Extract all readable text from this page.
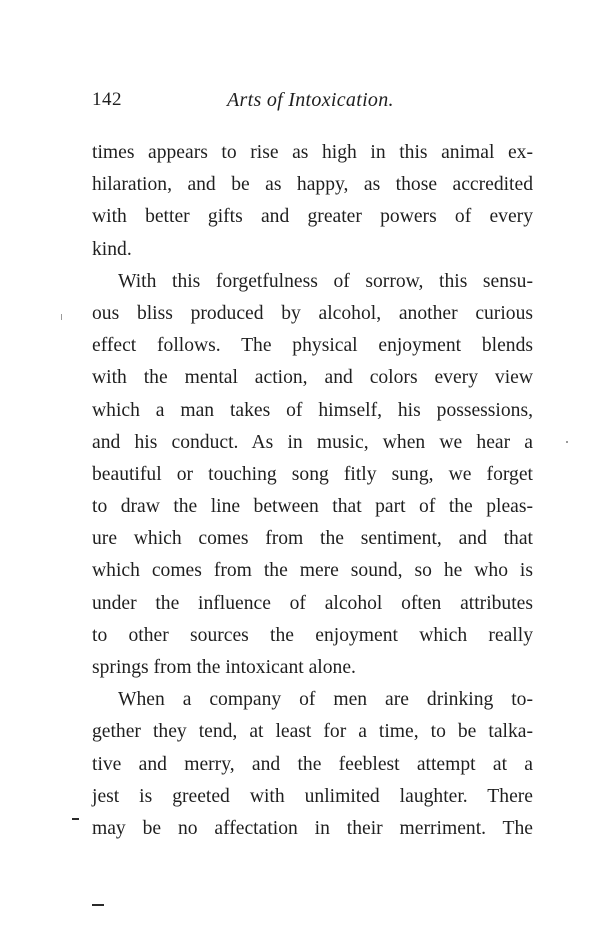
142	Arts of Intoxication.
times appears to rise as high in this animal ex-
hilaration, and be as happy, as those accredited
with better gifts and greater powers of every
kind.
With this forgetfulness of sorrow, this sensu-
ous bliss produced by alcohol, another curious
effect follows. The physical enjoyment blends
with the mental action, and colors every view
which a man takes of himself, his possessions,
and his conduct. As in music, when we hear a
beautiful or touching song fitly sung, we forget
to draw the line between that part of the pleas-
ure which comes from the sentiment, and that
which comes from the mere sound, so he who is
under the influence of alcohol often attributes
to other sources the enjoyment which really
springs from the intoxicant alone.
When a company of men are drinking to-
gether they tend, at least for a time, to be talka-
tive and merry, and the feeblest attempt at a
jest is greeted with unlimited laughter. There
may be no affectation in their merriment. The
